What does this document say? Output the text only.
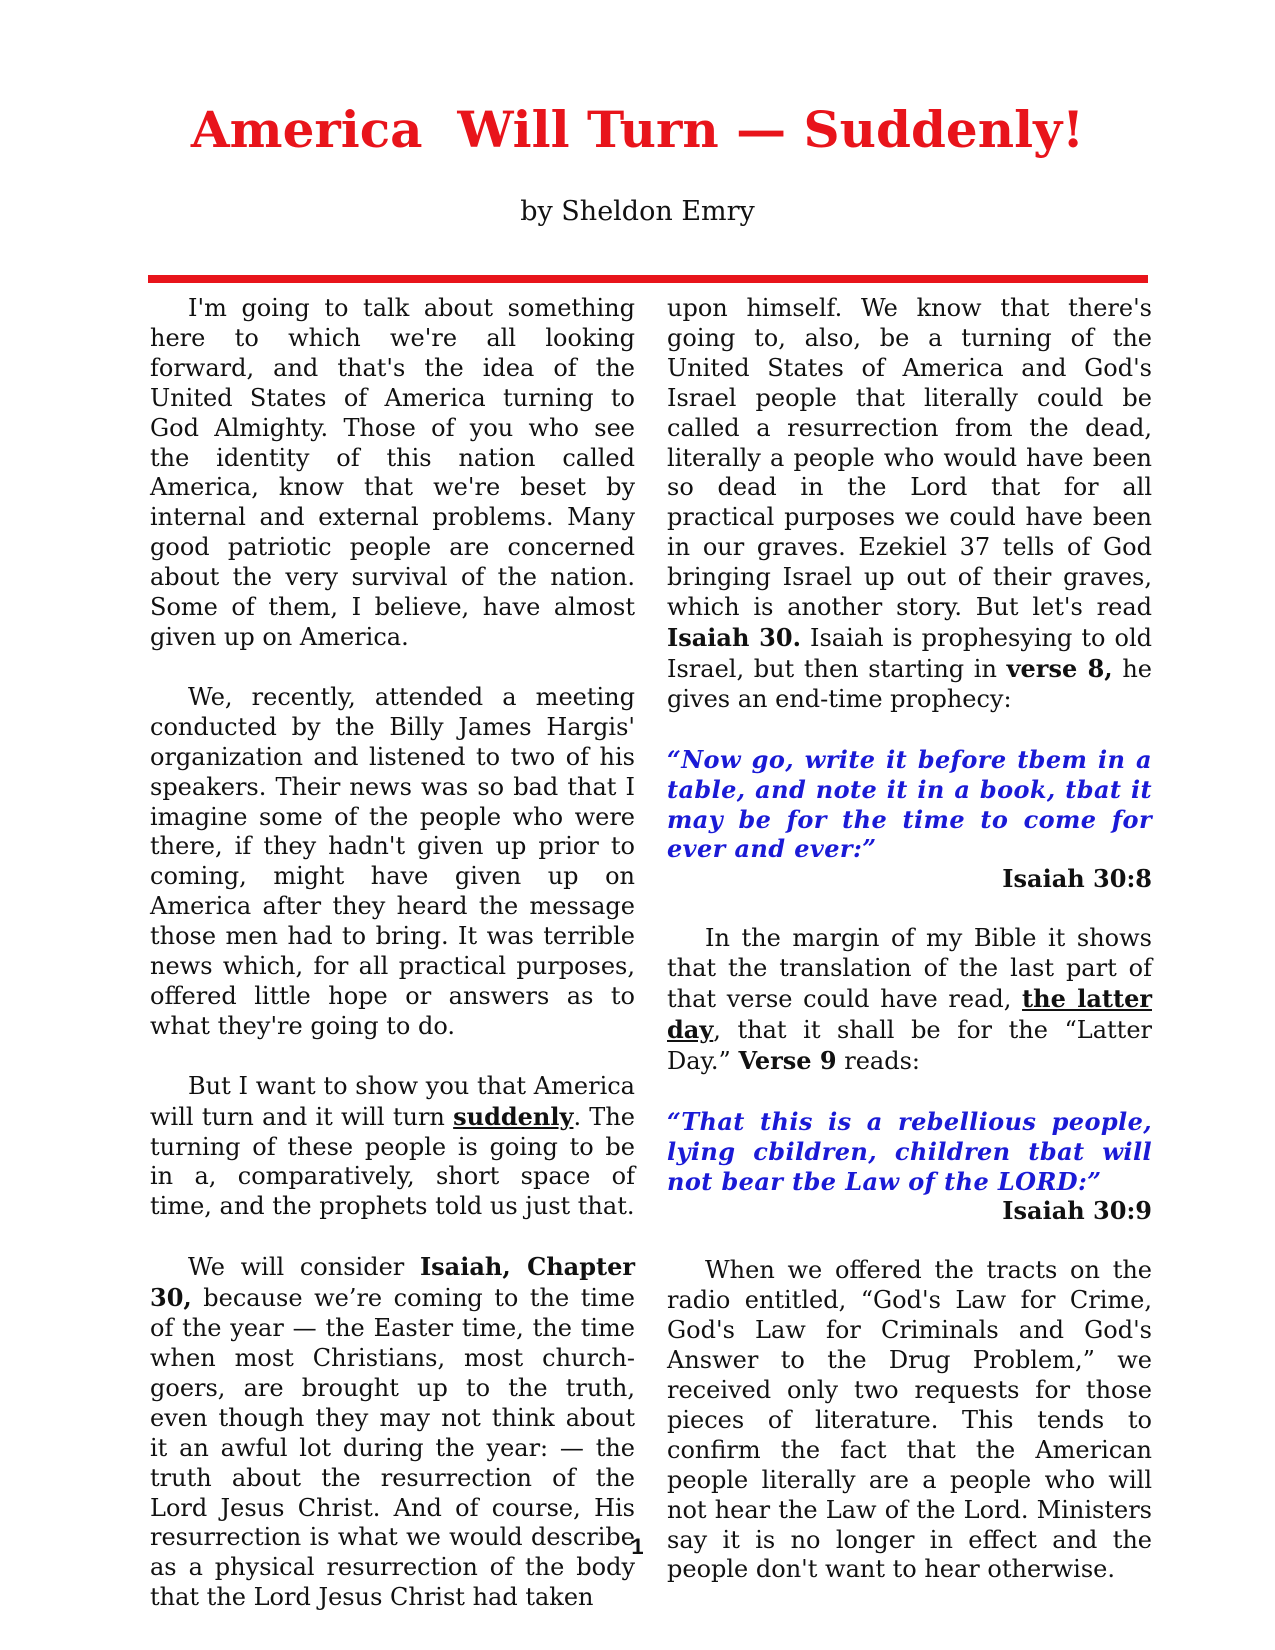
America  Will Turn — Suddenly!
by Sheldon Emry

I'm going to talk about something here to which we're all looking forward, and that's the idea of the United States of America turning to God Almighty. Those of you who see the identity of this nation called America, know that we're beset by internal and external problems. Many good patriotic people are concerned about the very survival of the nation. Some of them, I believe, have almost given up on America.

We, recently, attended a meeting conducted by the Billy James Hargis' organization and listened to two of his speakers. Their news was so bad that I imagine some of the people who were there, if they hadn't given up prior to coming, might have given up on America after they heard the message those men had to bring. It was terrible news which, for all practical purposes, offered little hope or answers as to what they're going to do.

But I want to show you that America will turn and it will turn suddenly. The turning of these people is going to be in a, comparatively, short space of time, and the prophets told us just that.

We will consider Isaiah, Chapter 30, because we’re coming to the time of the year — the Easter time, the time when most Christians, most church-goers, are brought up to the truth, even though they may not think about it an awful lot during the year: — the truth about the resurrection of the Lord Jesus Christ. And of course, His resurrection is what we would describe as a physical resurrection of the body that the Lord Jesus Christ had taken

upon himself. We know that there's going to, also, be a turning of the United States of America and God's Israel people that literally could be called a resurrection from the dead, literally a people who would have been so dead in the Lord that for all practical purposes we could have been in our graves. Ezekiel 37 tells of God bringing Israel up out of their graves, which is another story. But let's read Isaiah 30. Isaiah is prophesying to old Israel, but then starting in verse 8, he gives an end-time prophecy:

“Now go, write it before tbem in a table, and note it in a book, tbat it may be for the time to come for ever and ever:”

Isaiah 30:8

In the margin of my Bible it shows that the translation of the last part of that verse could have read, the latter day, that it shall be for the “Latter Day.” Verse 9 reads:

“That this is a rebellious people, lying cbildren, children tbat will not bear tbe Law of the LORD:”

Isaiah 30:9

When we offered the tracts on the radio entitled, “God's Law for Crime, God's Law for Criminals and God's Answer to the Drug Problem,” we received only two requests for those pieces of literature. This tends to confirm the fact that the American people literally are a people who will not hear the Law of the Lord. Ministers say it is no longer in effect and the people don't want to hear otherwise.

1
